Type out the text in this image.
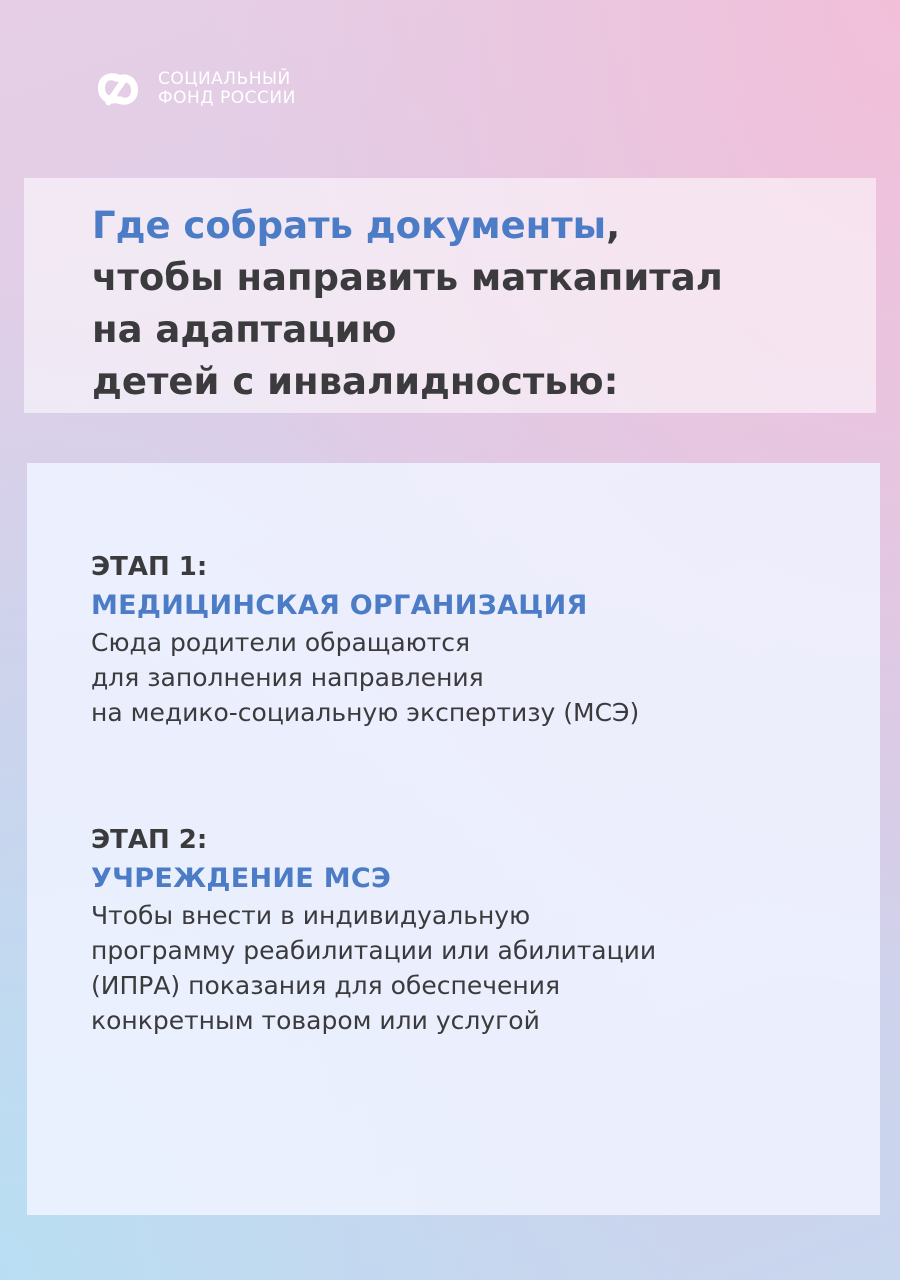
СОЦИАЛЬНЫЙ
ФОНД РОССИИ
Где собрать документы,
чтобы направить маткапитал
на адаптацию
детей с инвалидностью:
ЭТАП 1:
МЕДИЦИНСКАЯ ОРГАНИЗАЦИЯ
Сюда родители обращаются
для заполнения направления
на медико-социальную экспертизу (МСЭ)
ЭТАП 2:
УЧРЕЖДЕНИЕ МСЭ
Чтобы внести в индивидуальную
программу реабилитации или абилитации
(ИПРА) показания для обеспечения
конкретным товаром или услугой
